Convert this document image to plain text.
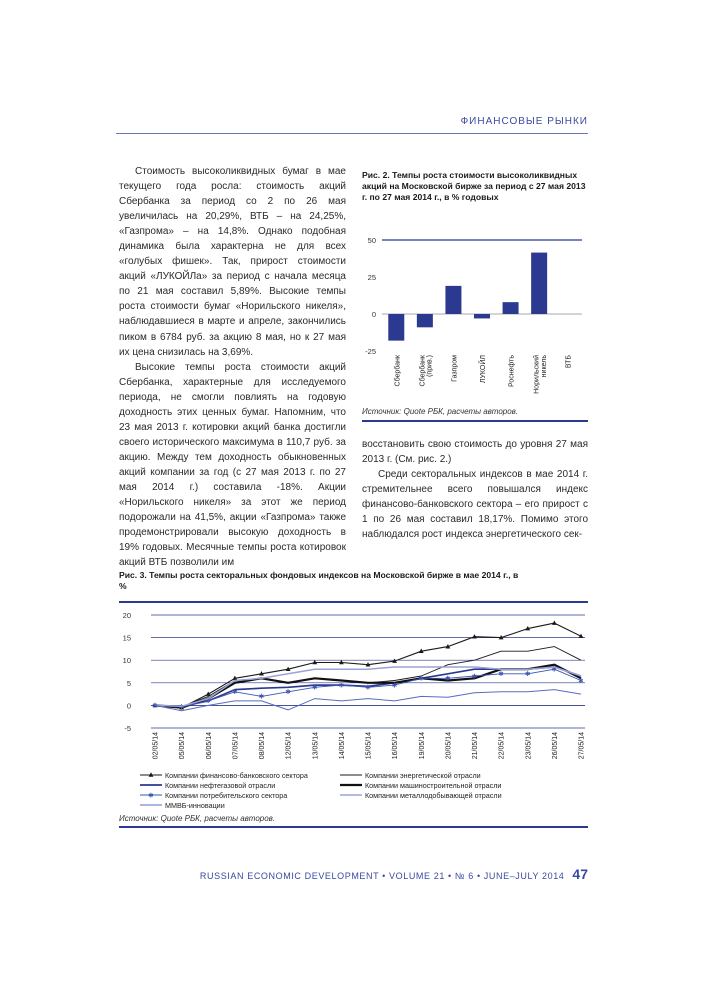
ФИНАНСОВЫЕ РЫНКИ

Стоимость высоколиквидных бумаг в мае текущего года росла: стоимость акций Сбербанка за период со 2 по 26 мая увеличилась на 20,29%, ВТБ – на 24,25%, «Газпрома» – на 14,8%. Однако подобная динамика была характерна не для всех «голубых фишек». Так, прирост стоимости акций «ЛУКОЙЛа» за период с начала месяца по 21 мая составил 5,89%. Высокие темпы роста стоимости бумаг «Норильского никеля», наблюдавшиеся в марте и апреле, закончились пиком в 6784 руб. за акцию 8 мая, но к 27 мая их цена снизилась на 3,69%.

Высокие темпы роста стоимости акций Сбербанка, характерные для исследуемого периода, не смогли повлиять на годовую доходность этих ценных бумаг. Напомним, что 23 мая 2013 г. котировки акций банка достигли своего исторического максимума в 110,7 руб. за акцию. Между тем доходность обыкновенных акций компании за год (с 27 мая 2013 г. по 27 мая 2014 г.) составила -18%. Акции «Норильского никеля» за этот же период подорожали на 41,5%, акции «Газпрома» также продемонстрировали высокую доходность в 19% годовых. Месячные темпы роста котировок акций ВТБ позволили им

Рис. 2. Темпы роста стоимости высоколиквидных акций на Московской бирже за период с 27 мая 2013 г. по 27 мая 2014 г., в % годовых
-25
0
25
50
Сбербанк	Сбербанк(прив.)	Газпром	ЛУКОЙЛ	Роснефть	Норильскийникель	ВТБ
Источник: Quote РБК, расчеты авторов.

восстановить свою стоимость до уровня 27 мая 2013 г. (См. рис. 2.)

Среди секторальных индексов в мае 2014 г. стремительнее всего повышался индекс финансово-банковского сектора – его прирост с 1 по 26 мая составил 18,17%. Помимо этого наблюдался рост индекса энергетического сек-

Рис. 3. Темпы роста секторальных фондовых индексов на Московской бирже в мае 2014 г., в %
-5
0
5
10
15
20
02/05/14	05/05/14	06/05/14	07/05/14	08/05/14	12/05/14	13/05/14	14/05/14	15/05/14	16/05/14	19/05/14	20/05/14	21/05/14	22/05/14	23/05/14	26/05/14	27/05/14
✱	✱
✱
✱
✱
✱
✱	✱	✱	✱
✱	✱	✱	✱	✱
✱
✱
Компании финансово-банковского сектора	Компании энергетической отрасли
Компании нефтегазовой отрасли	Компании машиностроительной отрасли
✱ Компании потребительского сектора	Компании металлодобывающей отрасли
ММВБ-инновации
Источник: Quote РБК, расчеты авторов.
RUSSIAN ECONOMIC DEVELOPMENT • VOLUME 21 • № 6 • JUNE–JULY 2014 47
